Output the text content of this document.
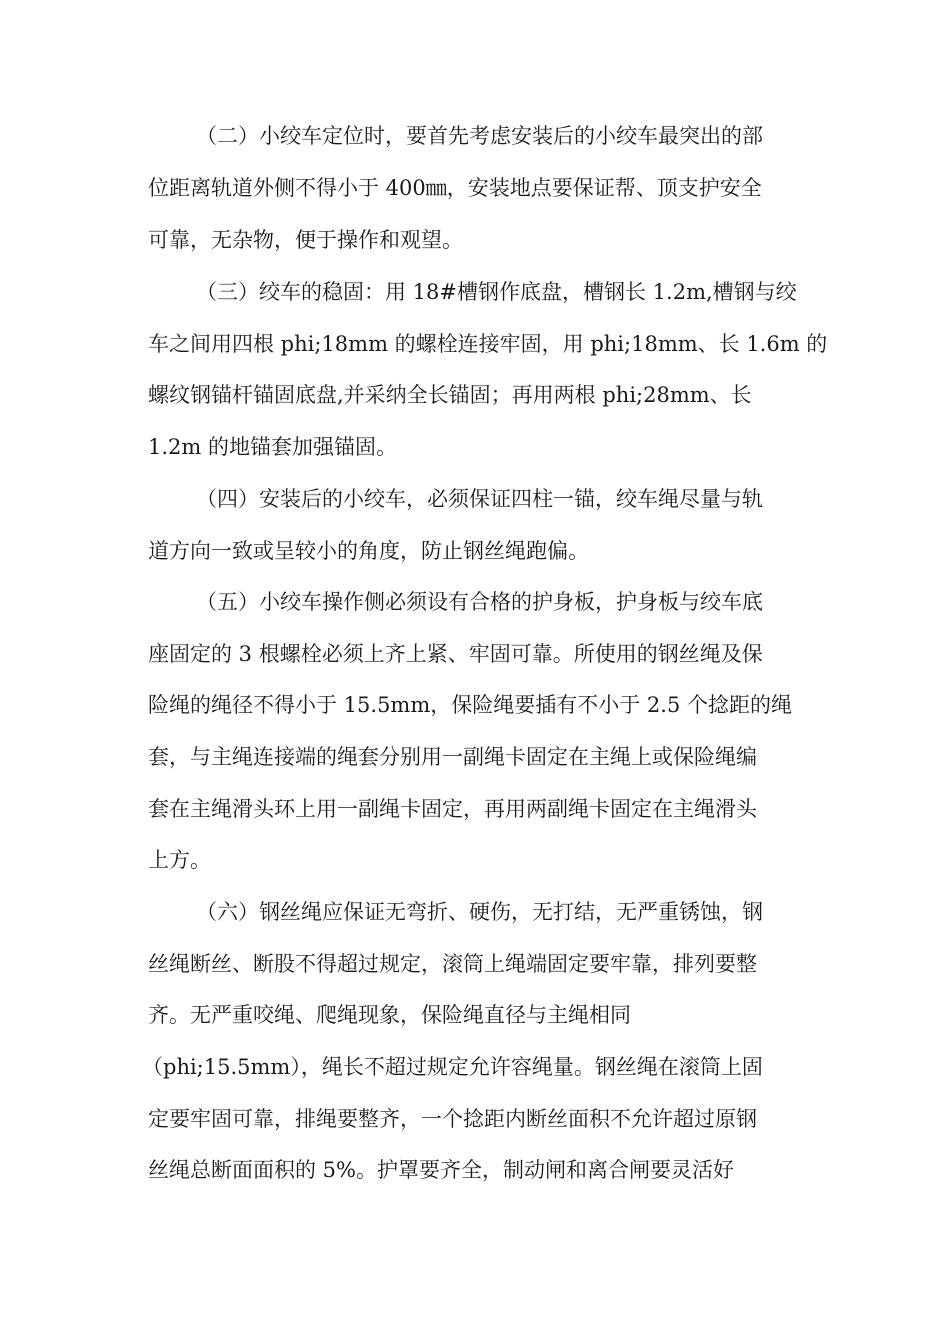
（二）小绞车定位时，要首先考虑安装后的小绞车最突出的部
位距离轨道外侧不得小于 400㎜，安装地点要保证帮、顶支护安全
可靠，无杂物，便于操作和观望。
（三）绞车的稳固：用 18#槽钢作底盘，槽钢长 1.2m,槽钢与绞
车之间用四根 phi;18mm 的螺栓连接牢固，用 phi;18mm、长 1.6m 的
螺纹钢锚杆锚固底盘,并采纳全长锚固；再用两根 phi;28mm、长
1.2m 的地锚套加强锚固。
（四）安装后的小绞车，必须保证四柱一锚，绞车绳尽量与轨
道方向一致或呈较小的角度，防止钢丝绳跑偏。
（五）小绞车操作侧必须设有合格的护身板，护身板与绞车底
座固定的 3 根螺栓必须上齐上紧、牢固可靠。所使用的钢丝绳及保
险绳的绳径不得小于 15.5mm，保险绳要插有不小于 2.5 个捻距的绳
套，与主绳连接端的绳套分别用一副绳卡固定在主绳上或保险绳编
套在主绳滑头环上用一副绳卡固定，再用两副绳卡固定在主绳滑头
上方。
（六）钢丝绳应保证无弯折、硬伤，无打结，无严重锈蚀，钢
丝绳断丝、断股不得超过规定，滚筒上绳端固定要牢靠，排列要整
齐。无严重咬绳、爬绳现象，保险绳直径与主绳相同
（phi;15.5mm），绳长不超过规定允许容绳量。钢丝绳在滚筒上固
定要牢固可靠，排绳要整齐，一个捻距内断丝面积不允许超过原钢
丝绳总断面面积的 5%。护罩要齐全，制动闸和离合闸要灵活好
